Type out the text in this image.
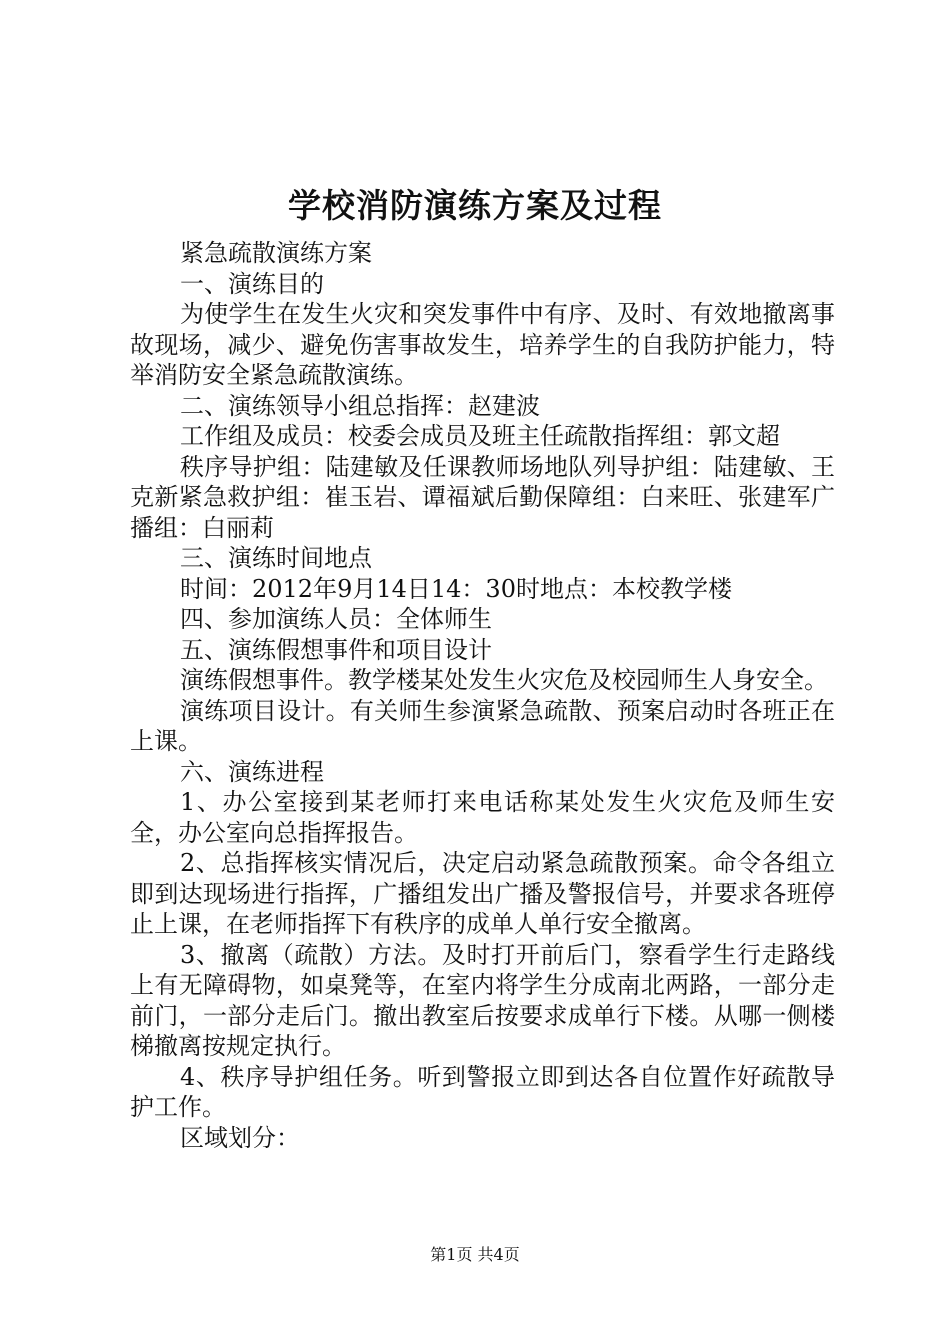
学校消防演练方案及过程

紧急疏散演练方案

一、演练目的

为使学生在发生火灾和突发事件中有序、及时、有效地撤离事故现场，减少、避免伤害事故发生，培养学生的自我防护能力，特举消防安全紧急疏散演练。

二、演练领导小组总指挥：赵建波

工作组及成员：校委会成员及班主任疏散指挥组：郭文超

秩序导护组：陆建敏及任课教师场地队列导护组：陆建敏、王克新紧急救护组：崔玉岩、谭福斌后勤保障组：白来旺、张建军广播组：白丽莉

三、演练时间地点

时间：2012年9月14日14：30时地点：本校教学楼

四、参加演练人员：全体师生

五、演练假想事件和项目设计

演练假想事件。教学楼某处发生火灾危及校园师生人身安全。

演练项目设计。有关师生参演紧急疏散、预案启动时各班正在上课。

六、演练进程

1、办公室接到某老师打来电话称某处发生火灾危及师生安全，办公室向总指挥报告。

2、总指挥核实情况后，决定启动紧急疏散预案。命令各组立即到达现场进行指挥，广播组发出广播及警报信号，并要求各班停止上课，在老师指挥下有秩序的成单人单行安全撤离。

3、撤离（疏散）方法。及时打开前后门，察看学生行走路线上有无障碍物，如桌凳等，在室内将学生分成南北两路，一部分走前门，一部分走后门。撤出教室后按要求成单行下楼。从哪一侧楼梯撤离按规定执行。

4、秩序导护组任务。听到警报立即到达各自位置作好疏散导护工作。

区域划分：

第1页 共4页
